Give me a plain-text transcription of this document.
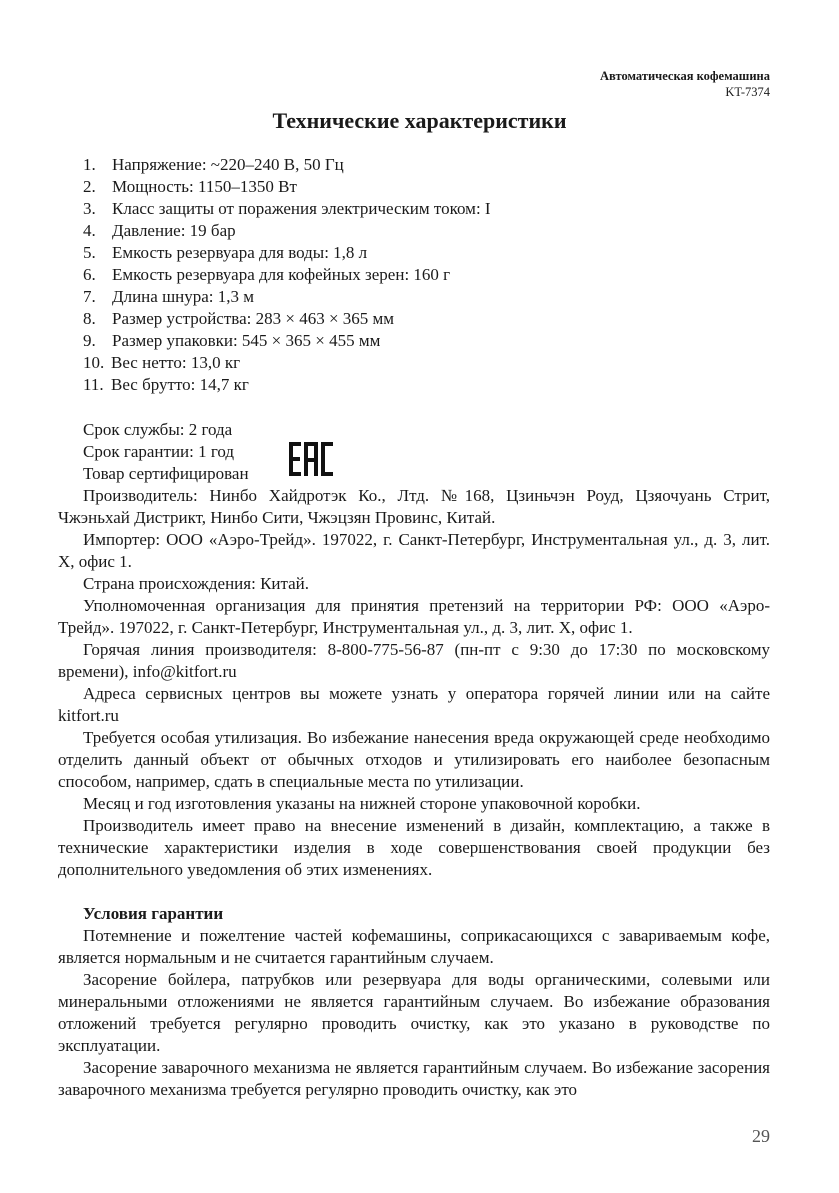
Автоматическая кофемашина
KT-7374
Технические характеристики
1. Напряжение: ~220–240 В, 50 Гц
2. Мощность: 1150–1350 Вт
3. Класс защиты от поражения электрическим током: I
4. Давление: 19 бар
5. Емкость резервуара для воды: 1,8 л
6. Емкость резервуара для кофейных зерен: 160 г
7. Длина шнура: 1,3 м
8. Размер устройства: 283 × 463 × 365 мм
9. Размер упаковки: 545 × 365 × 455 мм
10. Вес нетто: 13,0 кг
11. Вес брутто: 14,7 кг
Срок службы: 2 года
Срок гарантии: 1 год
Товар сертифицирован

Производитель: Нинбо Хайдротэк Ко., Лтд. №168, Цзиньчэн Роуд, Цзяочуань Стрит, Чжэньхай Дистрикт, Нинбо Сити, Чжэцзян Провинс, Китай.

Импортер: ООО «Аэро-Трейд». 197022, г. Санкт-Петербург, Инструментальная ул., д. 3, лит. Х, офис 1.

Страна происхождения: Китай.

Уполномоченная организация для принятия претензий на территории РФ: ООО «Аэро-Трейд». 197022, г. Санкт-Петербург, Инструментальная ул., д. 3, лит. Х, офис 1.

Горячая линия производителя: 8-800-775-56-87 (пн-пт с 9:30 до 17:30 по московскому времени), info@kitfort.ru

Адреса сервисных центров вы можете узнать у оператора горячей линии или на сайте kitfort.ru

Требуется особая утилизация. Во избежание нанесения вреда окружающей среде необходимо отделить данный объект от обычных отходов и утилизировать его наиболее безопасным способом, например, сдать в специальные места по утилизации.

Месяц и год изготовления указаны на нижней стороне упаковочной коробки.

Производитель имеет право на внесение изменений в дизайн, комплектацию, а также в технические характеристики изделия в ходе совершенствования своей продукции без дополнительного уведомления об этих изменениях.

Условия гарантии

Потемнение и пожелтение частей кофемашины, соприкасающихся с завариваемым кофе, является нормальным и не считается гарантийным случаем.

Засорение бойлера, патрубков или резервуара для воды органическими, солевыми или минеральными отложениями не является гарантийным случаем. Во избежание образования отложений требуется регулярно проводить очистку, как это указано в руководстве по эксплуатации.

Засорение заварочного механизма не является гарантийным случаем. Во избежание засорения заварочного механизма требуется регулярно проводить очистку, как это

29
